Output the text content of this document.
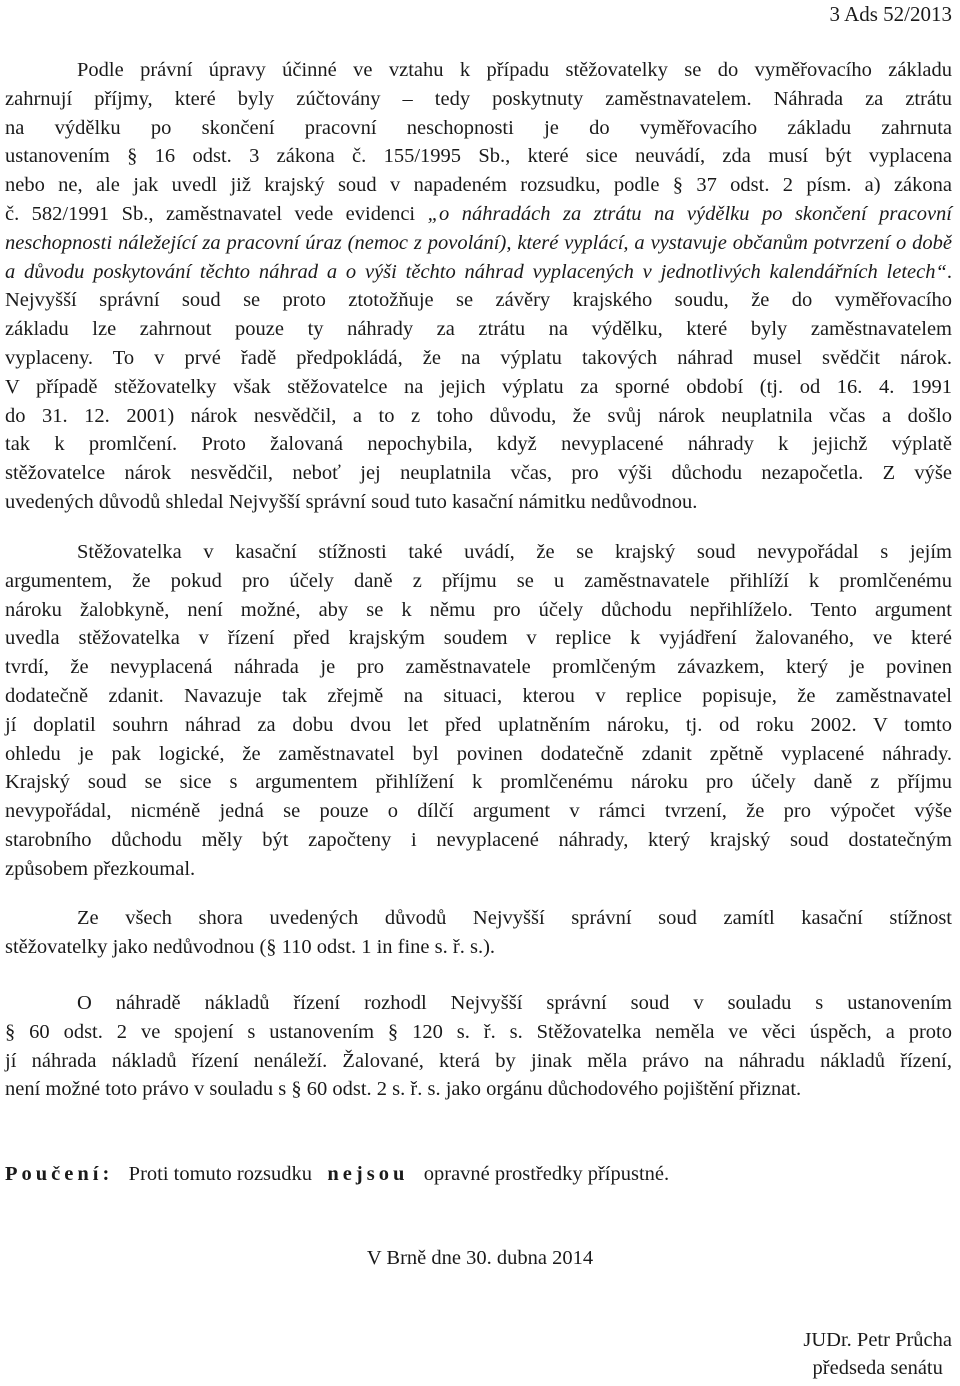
3 Ads 52/2013
Podle právní úpravy účinné ve vztahu k případu stěžovatelky se do vyměřovacího základu
zahrnují příjmy, které byly zúčtovány – tedy poskytnuty zaměstnavatelem. Náhrada za ztrátu
na výdělku po skončení pracovní neschopnosti je do vyměřovacího základu zahrnuta
ustanovením § 16 odst. 3 zákona č. 155/1995 Sb., které sice neuvádí, zda musí být vyplacena
nebo ne, ale jak uvedl již krajský soud v napadeném rozsudku, podle § 37 odst. 2 písm. a) zákona
č. 582/1991 Sb., zaměstnavatel vede evidenci „o náhradách za ztrátu na výdělku po skončení pracovní
neschopnosti náležející za pracovní úraz (nemoc z povolání), které vyplácí, a vystavuje občanům potvrzení o době
a důvodu poskytování těchto náhrad a o výši těchto náhrad vyplacených v jednotlivých kalendářních letech“.
Nejvyšší správní soud se proto ztotožňuje se závěry krajského soudu, že do vyměřovacího
základu lze zahrnout pouze ty náhrady za ztrátu na výdělku, které byly zaměstnavatelem
vyplaceny. To v prvé řadě předpokládá, že na výplatu takových náhrad musel svědčit nárok.
V případě stěžovatelky však stěžovatelce na jejich výplatu za sporné období (tj. od 16. 4. 1991
do 31. 12. 2001) nárok nesvědčil, a to z toho důvodu, že svůj nárok neuplatnila včas a došlo
tak k promlčení. Proto žalovaná nepochybila, když nevyplacené náhrady k jejichž výplatě
stěžovatelce nárok nesvědčil, neboť jej neuplatnila včas, pro výši důchodu nezapočetla. Z výše
uvedených důvodů shledal Nejvyšší správní soud tuto kasační námitku nedůvodnou.
Stěžovatelka v kasační stížnosti také uvádí, že se krajský soud nevypořádal s jejím
argumentem, že pokud pro účely daně z příjmu se u zaměstnavatele přihlíží k promlčenému
nároku žalobkyně, není možné, aby se k němu pro účely důchodu nepřihlíželo. Tento argument
uvedla stěžovatelka v řízení před krajským soudem v replice k vyjádření žalovaného, ve které
tvrdí, že nevyplacená náhrada je pro zaměstnavatele promlčeným závazkem, který je povinen
dodatečně zdanit. Navazuje tak zřejmě na situaci, kterou v replice popisuje, že zaměstnavatel
jí doplatil souhrn náhrad za dobu dvou let před uplatněním nároku, tj. od roku 2002. V tomto
ohledu je pak logické, že zaměstnavatel byl povinen dodatečně zdanit zpětně vyplacené náhrady.
Krajský soud se sice s argumentem přihlížení k promlčenému nároku pro účely daně z příjmu
nevypořádal, nicméně jedná se pouze o dílčí argument v rámci tvrzení, že pro výpočet výše
starobního důchodu měly být započteny i nevyplacené náhrady, který krajský soud dostatečným
způsobem přezkoumal.
Ze všech shora uvedených důvodů Nejvyšší správní soud zamítl kasační stížnost
stěžovatelky jako nedůvodnou (§ 110 odst. 1 in fine s. ř. s.).
O náhradě nákladů řízení rozhodl Nejvyšší správní soud v souladu s ustanovením
§ 60 odst. 2 ve spojení s ustanovením § 120 s. ř. s. Stěžovatelka neměla ve věci úspěch, a proto
jí náhrada nákladů řízení nenáleží. Žalované, která by jinak měla právo na náhradu nákladů řízení,
není možné toto právo v souladu s § 60 odst. 2 s. ř. s. jako orgánu důchodového pojištění přiznat.
Poučení: Proti tomuto rozsudku nejsou opravné prostředky přípustné.
V Brně dne 30. dubna 2014
JUDr. Petr Průcha
předseda senátu
